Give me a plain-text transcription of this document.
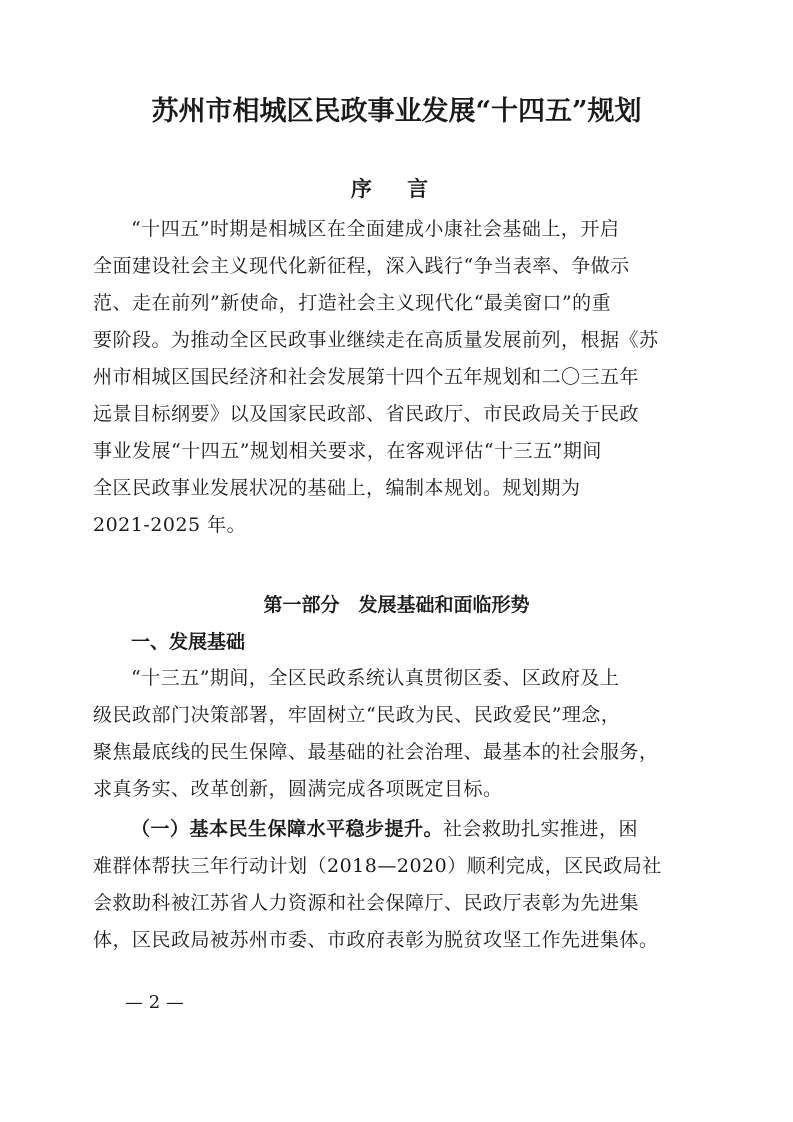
苏州市相城区民政事业发展“十四五”规划
序 言
“十四五”时期是相城区在全面建成小康社会基础上，开启
全面建设社会主义现代化新征程，深入践行“争当表率、争做示
范、走在前列”新使命，打造社会主义现代化“最美窗口”的重
要阶段。为推动全区民政事业继续走在高质量发展前列，根据《苏
州市相城区国民经济和社会发展第十四个五年规划和二〇三五年
远景目标纲要》以及国家民政部、省民政厅、市民政局关于民政
事业发展“十四五”规划相关要求，在客观评估“十三五”期间
全区民政事业发展状况的基础上，编制本规划。规划期为
2021-2025 年。
第一部分　发展基础和面临形势
一、发展基础
“十三五”期间，全区民政系统认真贯彻区委、区政府及上
级民政部门决策部署，牢固树立“民政为民、民政爱民”理念，
聚焦最底线的民生保障、最基础的社会治理、最基本的社会服务，
求真务实、改革创新，圆满完成各项既定目标。
（一）基本民生保障水平稳步提升。社会救助扎实推进，困
难群体帮扶三年行动计划（2018—2020）顺利完成，区民政局社
会救助科被江苏省人力资源和社会保障厅、民政厅表彰为先进集
体，区民政局被苏州市委、市政府表彰为脱贫攻坚工作先进集体。
— 2 —
